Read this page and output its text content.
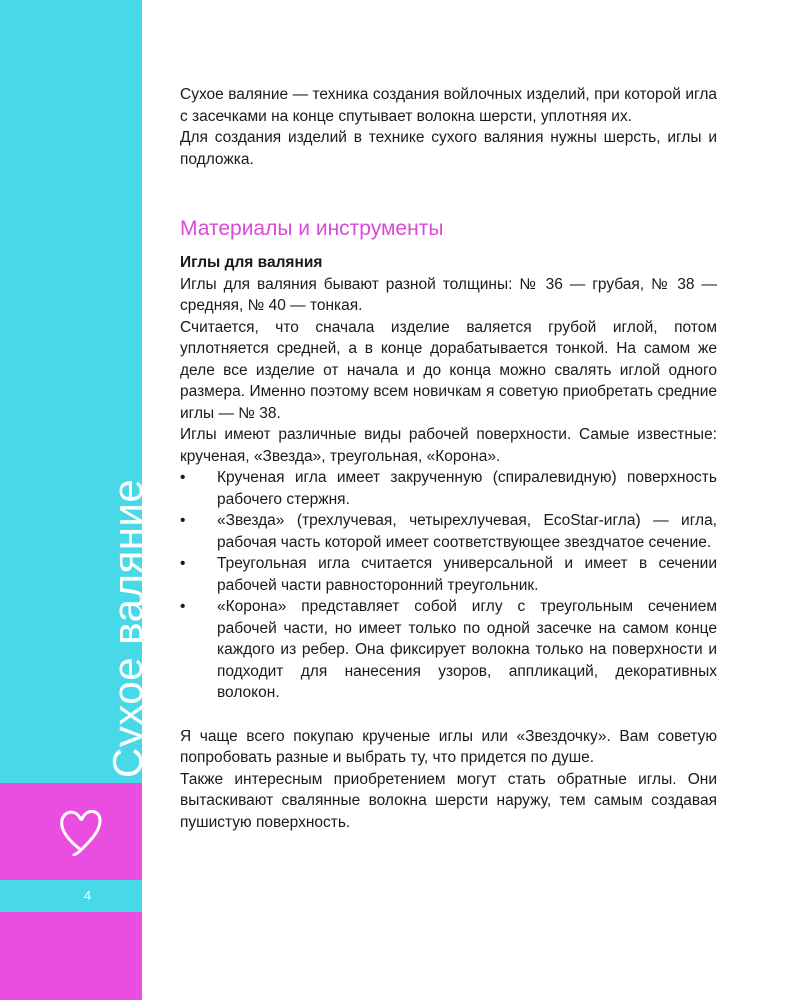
Сухое валяние
4

Сухое валяние — техника создания войлочных изделий, при которой игла с засечками на конце спутывает волокна шерсти, уплотняя их.

Для создания изделий в технике сухого валяния нужны шерсть, иглы и подложка.

Материалы и инструменты

Иглы для валяния

Иглы для валяния бывают разной толщины: № 36 — грубая, № 38 — средняя, № 40 — тонкая.

Считается, что сначала изделие валяется грубой иглой, потом уплотняется средней, а в конце дорабатывается тонкой. На самом же деле все изделие от начала и до конца можно свалять иглой одного размера. Именно поэтому всем новичкам я советую приобретать средние иглы — № 38.

Иглы имеют различные виды рабочей поверхности. Самые известные: крученая, «Звезда», треугольная, «Корона».

• Крученая игла имеет закрученную (спиралевидную) поверхность рабочего стержня.
• «Звезда» (трехлучевая, четырехлучевая, EcoStar-игла) — игла, рабочая часть которой имеет соответствующее звездчатое сечение.
• Треугольная игла считается универсальной и имеет в сечении рабочей части равносторонний треугольник.
• «Корона» представляет собой иглу с треугольным сечением рабочей части, но имеет только по одной засечке на самом конце каждого из ребер. Она фиксирует волокна только на поверхности и подходит для нанесения узоров, аппликаций, декоративных волокон.

Я чаще всего покупаю крученые иглы или «Звездочку». Вам советую попробовать разные и выбрать ту, что придется по душе.

Также интересным приобретением могут стать обратные иглы. Они вытаскивают свалянные волокна шерсти наружу, тем самым создавая пушистую поверхность.
